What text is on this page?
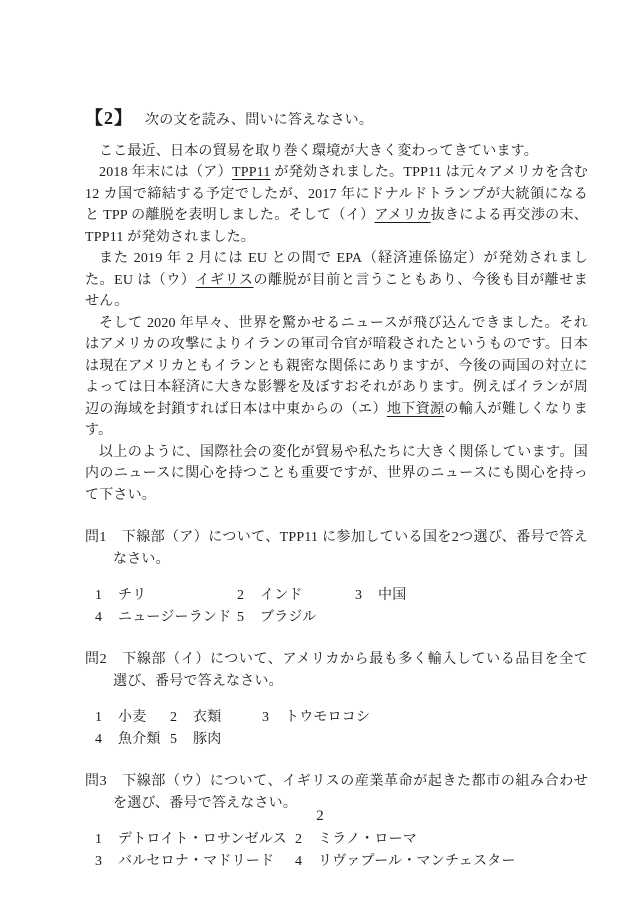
【2】 次の文を読み、問いに答えなさい。

ここ最近、日本の貿易を取り巻く環境が大きく変わってきています。

2018 年末には（ア）TPP11 が発効されました。TPP11 は元々アメリカを含む 12 カ国で締結する予定でしたが、2017 年にドナルドトランプが大統領になると TPP の離脱を表明しました。そして（イ）アメリカ抜きによる再交渉の末、TPP11 が発効されました。

また 2019 年 2 月には EU との間で EPA（経済連係協定）が発効されました。EU は（ウ）イギリスの離脱が目前と言うこともあり、今後も目が離せません。

そして 2020 年早々、世界を驚かせるニュースが飛び込んできました。それはアメリカの攻撃によりイランの軍司令官が暗殺されたというものです。日本は現在アメリカともイランとも親密な関係にありますが、今後の両国の対立によっては日本経済に大きな影響を及ぼすおそれがあります。例えばイランが周辺の海域を封鎖すれば日本は中東からの（エ）地下資源の輸入が難しくなります。

以上のように、国際社会の変化が貿易や私たちに大きく関係しています。国内のニュースに関心を持つことも重要ですが、世界のニュースにも関心を持って下さい。

問1 下線部（ア）について、TPP11 に参加している国を2つ選び、番号で答えなさい。

1	チリ	2	インド	3	中国
4	ニュージーランド 5	ブラジル

問2 下線部（イ）について、アメリカから最も多く輸入している品目を全て選び、番号で答えなさい。

1	小麦 2	衣類	3	トウモロコシ
4	魚介類 5	豚肉

問3 下線部（ウ）について、イギリスの産業革命が起きた都市の組み合わせを選び、番号で答えなさい。

1	デトロイト・ロサンゼルス 2	ミラノ・ローマ
3	バルセロナ・マドリード 4	リヴァプール・マンチェスター
2
